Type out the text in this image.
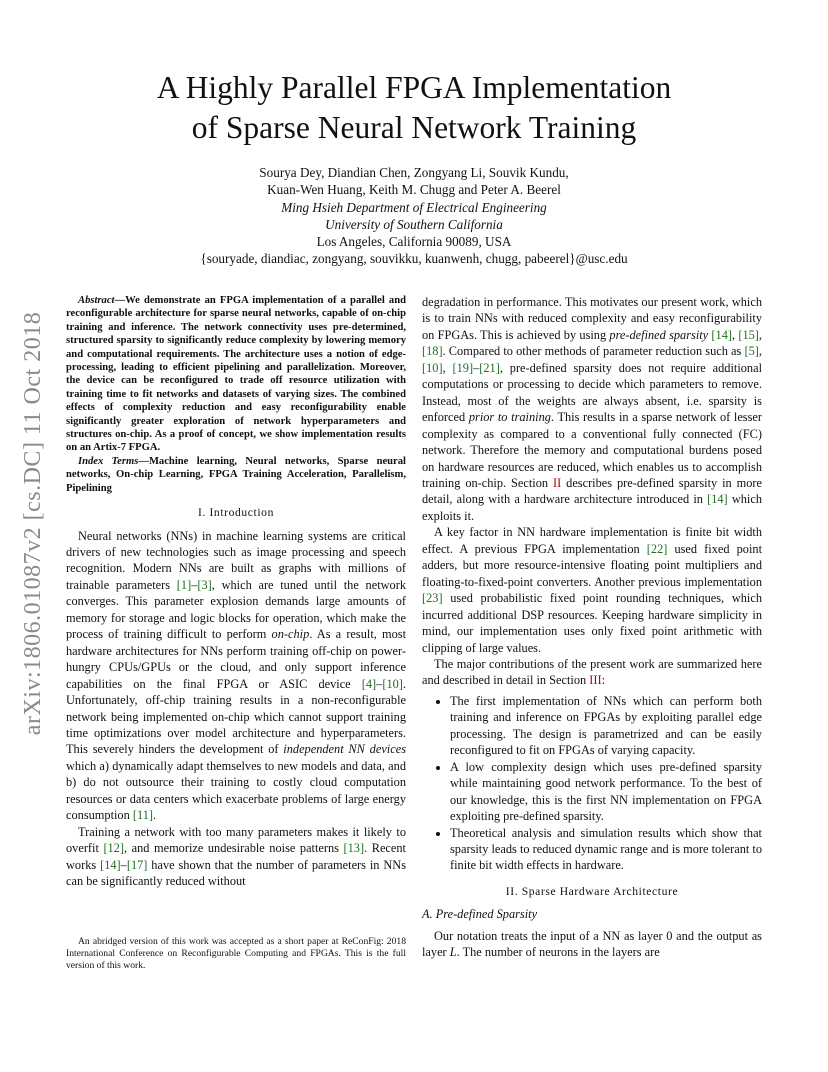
arXiv:1806.01087v2 [cs.DC] 11 Oct 2018
A Highly Parallel FPGA Implementation
of Sparse Neural Network Training
Sourya Dey, Diandian Chen, Zongyang Li, Souvik Kundu,
Kuan-Wen Huang, Keith M. Chugg and Peter A. Beerel
Ming Hsieh Department of Electrical Engineering
University of Southern California
Los Angeles, California 90089, USA
{souryade, diandiac, zongyang, souvikku, kuanwenh, chugg, pabeerel}@usc.edu

Abstract—We demonstrate an FPGA implementation of a parallel and reconfigurable architecture for sparse neural networks, capable of on-chip training and inference. The network connectivity uses pre-determined, structured sparsity to significantly reduce complexity by lowering memory and computational requirements. The architecture uses a notion of edge-processing, leading to efficient pipelining and parallelization. Moreover, the device can be reconfigured to trade off resource utilization with training time to fit networks and datasets of varying sizes. The combined effects of complexity reduction and easy reconfigurability enable significantly greater exploration of network hyperparameters and structures on-chip. As a proof of concept, we show implementation results on an Artix-7 FPGA.

Index Terms—Machine learning, Neural networks, Sparse neural networks, On-chip Learning, FPGA Training Acceleration, Parallelism, Pipelining

I. Introduction

Neural networks (NNs) in machine learning systems are critical drivers of new technologies such as image processing and speech recognition. Modern NNs are built as graphs with millions of trainable parameters [1]–[3], which are tuned until the network converges. This parameter explosion demands large amounts of memory for storage and logic blocks for operation, which make the process of training difficult to perform on-chip. As a result, most hardware architectures for NNs perform training off-chip on power-hungry CPUs/GPUs or the cloud, and only support inference capabilities on the final FPGA or ASIC device [4]–[10]. Unfortunately, off-chip training results in a non-reconfigurable network being implemented on-chip which cannot support training time optimizations over model architecture and hyperparameters. This severely hinders the development of independent NN devices which a) dynamically adapt themselves to new models and data, and b) do not outsource their training to costly cloud computation resources or data centers which exacerbate problems of large energy consumption [11].

Training a network with too many parameters makes it likely to overfit [12], and memorize undesirable noise patterns [13]. Recent works [14]–[17] have shown that the number of parameters in NNs can be significantly reduced without

An abridged version of this work was accepted as a short paper at ReConFig: 2018 International Conference on Reconfigurable Computing and FPGAs. This is the full version of this work.

degradation in performance. This motivates our present work, which is to train NNs with reduced complexity and easy reconfigurability on FPGAs. This is achieved by using pre-defined sparsity [14], [15], [18]. Compared to other methods of parameter reduction such as [5], [10], [19]–[21], pre-defined sparsity does not require additional computations or processing to decide which parameters to remove. Instead, most of the weights are always absent, i.e. sparsity is enforced prior to training. This results in a sparse network of lesser complexity as compared to a conventional fully connected (FC) network. Therefore the memory and computational burdens posed on hardware resources are reduced, which enables us to accomplish training on-chip. Section II describes pre-defined sparsity in more detail, along with a hardware architecture introduced in [14] which exploits it.

A key factor in NN hardware implementation is finite bit width effect. A previous FPGA implementation [22] used fixed point adders, but more resource-intensive floating point multipliers and floating-to-fixed-point converters. Another previous implementation [23] used probabilistic fixed point rounding techniques, which incurred additional DSP resources. Keeping hardware simplicity in mind, our implementation uses only fixed point arithmetic with clipping of large values.

The major contributions of the present work are summarized here and described in detail in Section III:

• The first implementation of NNs which can perform both training and inference on FPGAs by exploiting parallel edge processing. The design is parametrized and can be easily reconfigured to fit on FPGAs of varying capacity.
• A low complexity design which uses pre-defined sparsity while maintaining good network performance. To the best of our knowledge, this is the first NN implementation on FPGA exploiting pre-defined sparsity.
• Theoretical analysis and simulation results which show that sparsity leads to reduced dynamic range and is more tolerant to finite bit width effects in hardware.

II. Sparse Hardware Architecture

A. Pre-defined Sparsity

Our notation treats the input of a NN as layer 0 and the output as layer L. The number of neurons in the layers are
